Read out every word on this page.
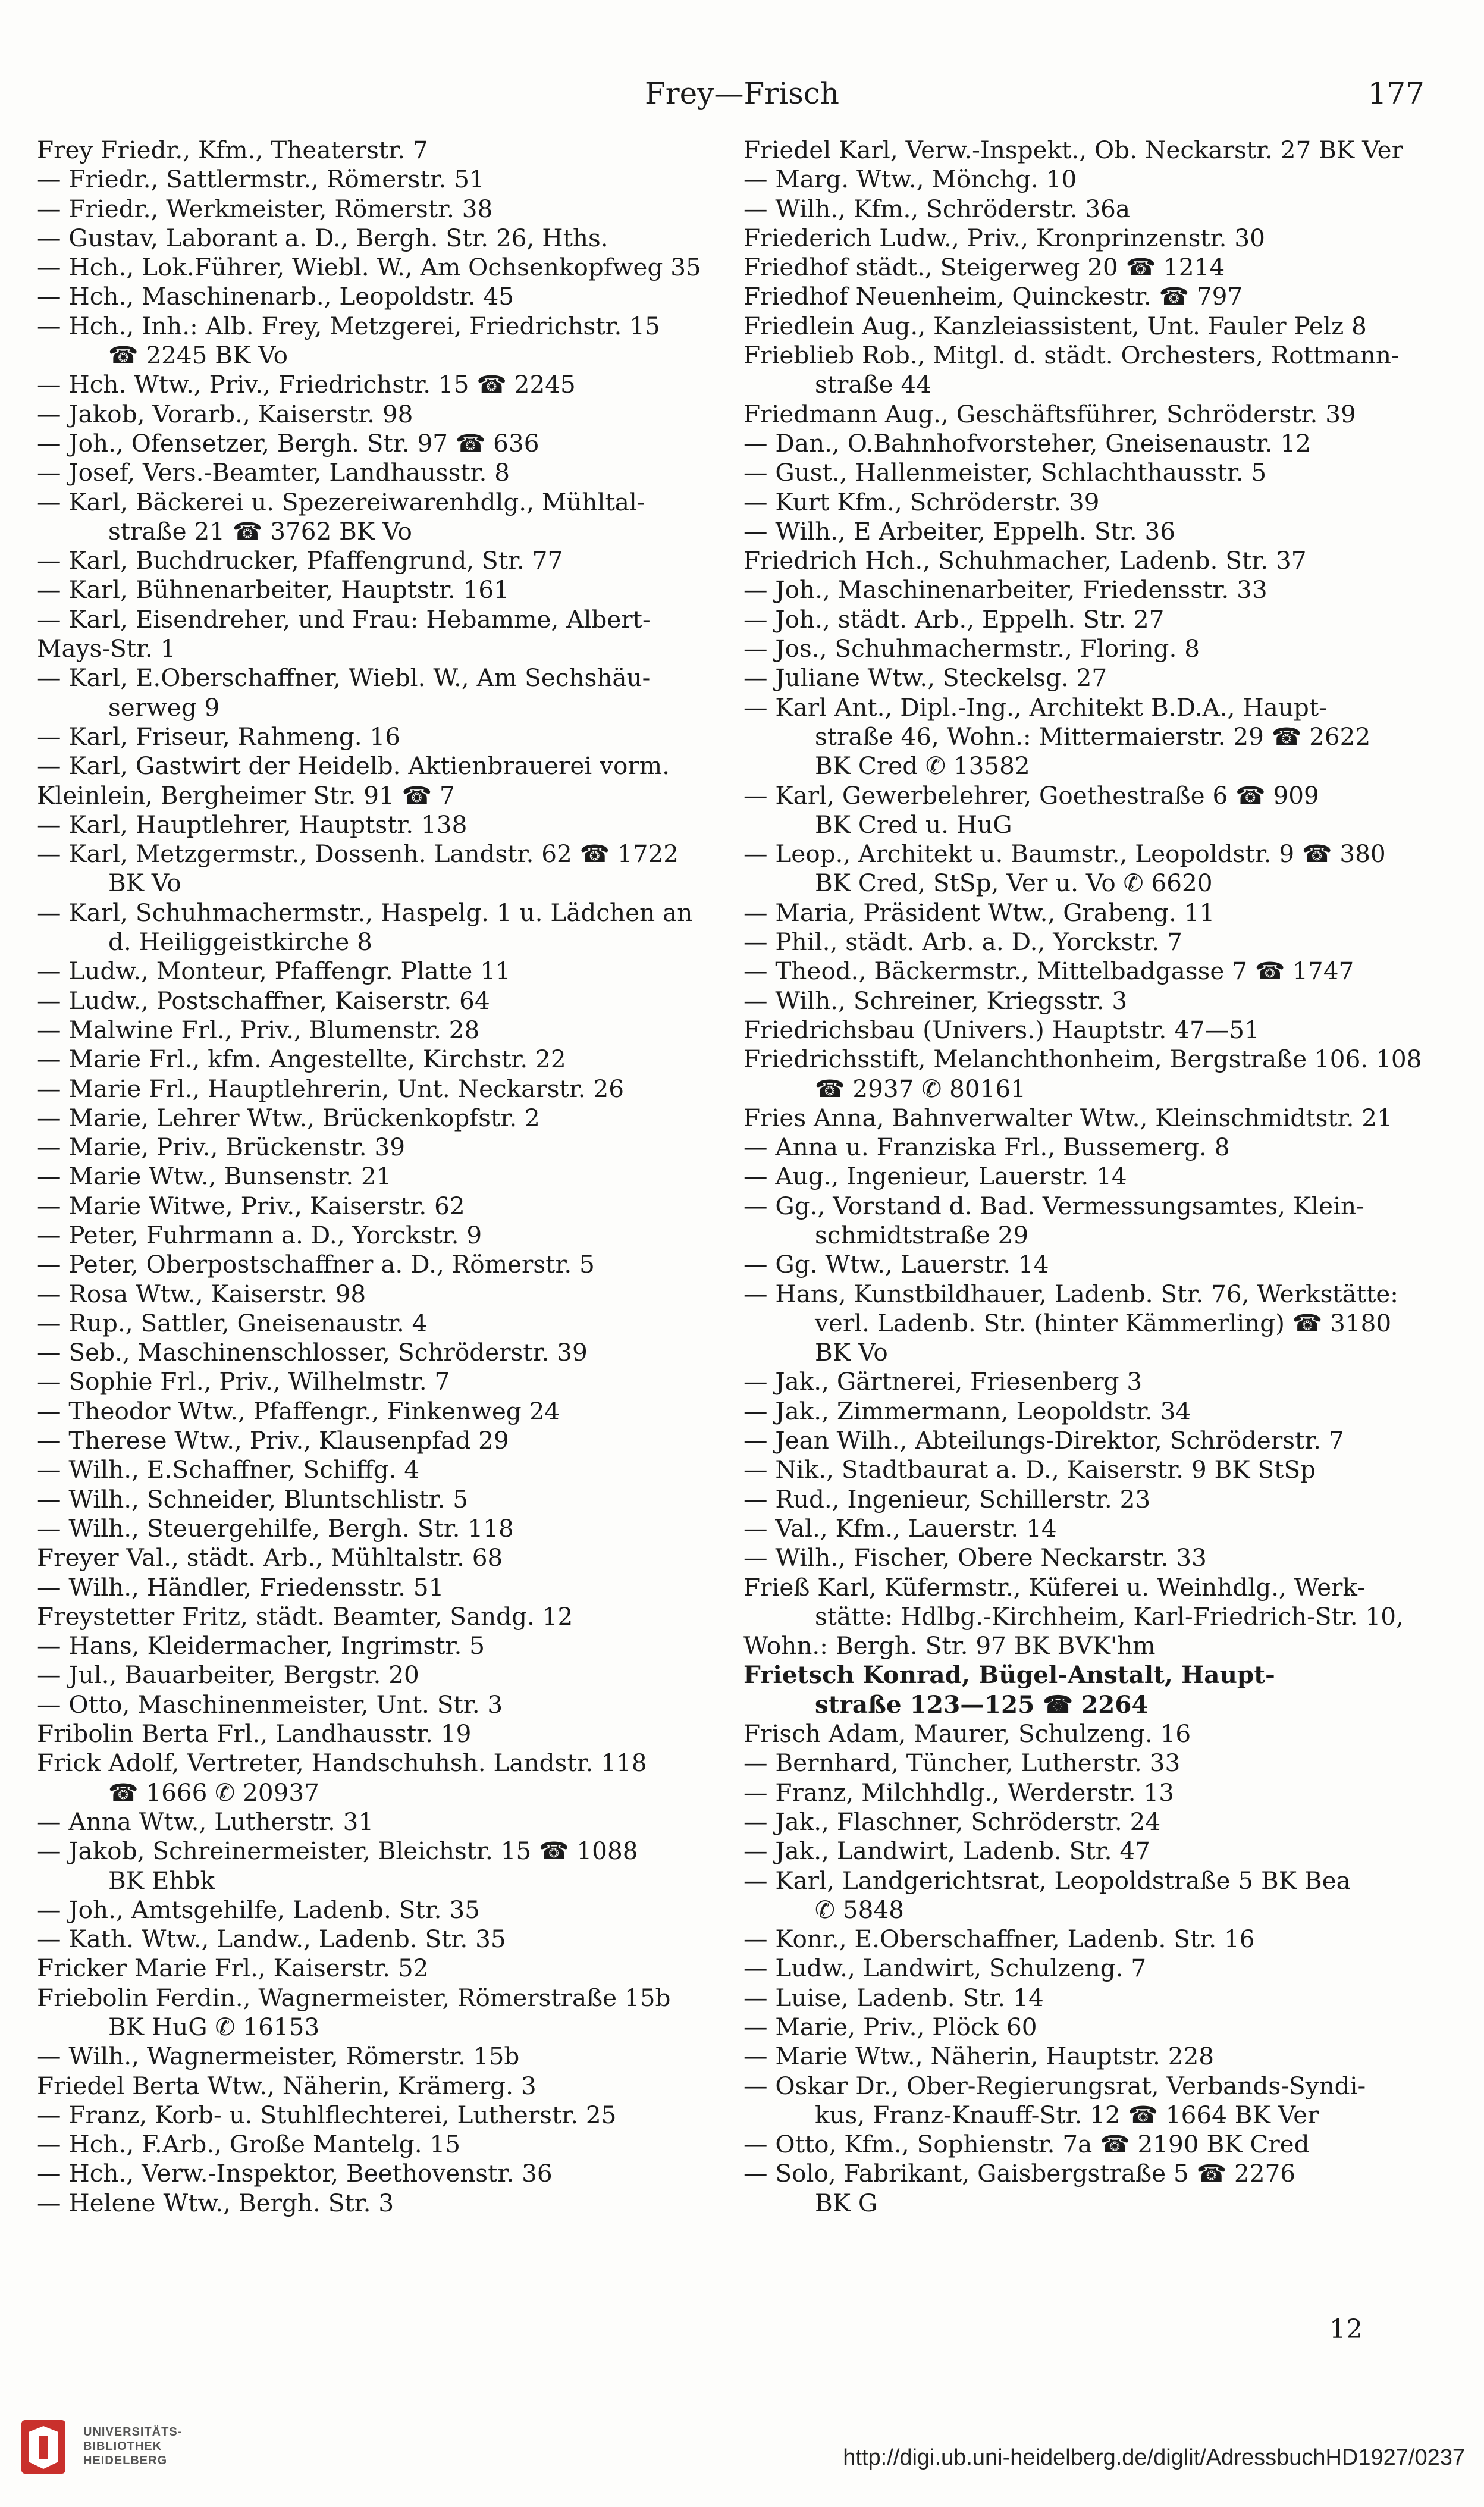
Frey—Frisch	177
Frey Friedr., Kfm., Theaterstr. 7
— Friedr., Sattlermstr., Römerstr. 51
— Friedr., Werkmeister, Römerstr. 38
— Gustav, Laborant a. D., Bergh. Str. 26, Hths.
— Hch., Lok.Führer, Wiebl. W., Am Ochsenkopfweg 35
— Hch., Maschinenarb., Leopoldstr. 45
— Hch., Inh.: Alb. Frey, Metzgerei, Friedrichstr. 15
☎ 2245 BK Vo
— Hch. Wtw., Priv., Friedrichstr. 15 ☎ 2245
— Jakob, Vorarb., Kaiserstr. 98
— Joh., Ofensetzer, Bergh. Str. 97 ☎ 636
— Josef, Vers.-Beamter, Landhausstr. 8
— Karl, Bäckerei u. Spezereiwarenhdlg., Mühltal-
straße 21 ☎ 3762 BK Vo
— Karl, Buchdrucker, Pfaffengrund, Str. 77
— Karl, Bühnenarbeiter, Hauptstr. 161
— Karl, Eisendreher, und Frau: Hebamme, Albert-
Mays-Str. 1
— Karl, E.Oberschaffner, Wiebl. W., Am Sechshäu-
serweg 9
— Karl, Friseur, Rahmeng. 16
— Karl, Gastwirt der Heidelb. Aktienbrauerei vorm.
Kleinlein, Bergheimer Str. 91 ☎ 7
— Karl, Hauptlehrer, Hauptstr. 138
— Karl, Metzgermstr., Dossenh. Landstr. 62 ☎ 1722
BK Vo
— Karl, Schuhmachermstr., Haspelg. 1 u. Lädchen an
d. Heiliggeistkirche 8
— Ludw., Monteur, Pfaffengr. Platte 11
— Ludw., Postschaffner, Kaiserstr. 64
— Malwine Frl., Priv., Blumenstr. 28
— Marie Frl., kfm. Angestellte, Kirchstr. 22
— Marie Frl., Hauptlehrerin, Unt. Neckarstr. 26
— Marie, Lehrer Wtw., Brückenkopfstr. 2
— Marie, Priv., Brückenstr. 39
— Marie Wtw., Bunsenstr. 21
— Marie Witwe, Priv., Kaiserstr. 62
— Peter, Fuhrmann a. D., Yorckstr. 9
— Peter, Oberpostschaffner a. D., Römerstr. 5
— Rosa Wtw., Kaiserstr. 98
— Rup., Sattler, Gneisenaustr. 4
— Seb., Maschinenschlosser, Schröderstr. 39
— Sophie Frl., Priv., Wilhelmstr. 7
— Theodor Wtw., Pfaffengr., Finkenweg 24
— Therese Wtw., Priv., Klausenpfad 29
— Wilh., E.Schaffner, Schiffg. 4
— Wilh., Schneider, Bluntschlistr. 5
— Wilh., Steuergehilfe, Bergh. Str. 118
Freyer Val., städt. Arb., Mühltalstr. 68
— Wilh., Händler, Friedensstr. 51
Freystetter Fritz, städt. Beamter, Sandg. 12
— Hans, Kleidermacher, Ingrimstr. 5
— Jul., Bauarbeiter, Bergstr. 20
— Otto, Maschinenmeister, Unt. Str. 3
Fribolin Berta Frl., Landhausstr. 19
Frick Adolf, Vertreter, Handschuhsh. Landstr. 118
☎ 1666 ✆ 20937
— Anna Wtw., Lutherstr. 31
— Jakob, Schreinermeister, Bleichstr. 15 ☎ 1088
BK Ehbk
— Joh., Amtsgehilfe, Ladenb. Str. 35
— Kath. Wtw., Landw., Ladenb. Str. 35
Fricker Marie Frl., Kaiserstr. 52
Friebolin Ferdin., Wagnermeister, Römerstraße 15b
BK HuG ✆ 16153
— Wilh., Wagnermeister, Römerstr. 15b
Friedel Berta Wtw., Näherin, Krämerg. 3
— Franz, Korb- u. Stuhlflechterei, Lutherstr. 25
— Hch., F.Arb., Große Mantelg. 15
— Hch., Verw.-Inspektor, Beethovenstr. 36
— Helene Wtw., Bergh. Str. 3
Friedel Karl, Verw.-Inspekt., Ob. Neckarstr. 27 BK Ver
— Marg. Wtw., Mönchg. 10
— Wilh., Kfm., Schröderstr. 36a
Friederich Ludw., Priv., Kronprinzenstr. 30
Friedhof städt., Steigerweg 20 ☎ 1214
Friedhof Neuenheim, Quinckestr. ☎ 797
Friedlein Aug., Kanzleiassistent, Unt. Fauler Pelz 8
Frieblieb Rob., Mitgl. d. städt. Orchesters, Rottmann-
straße 44
Friedmann Aug., Geschäftsführer, Schröderstr. 39
— Dan., O.Bahnhofvorsteher, Gneisenaustr. 12
— Gust., Hallenmeister, Schlachthausstr. 5
— Kurt Kfm., Schröderstr. 39
— Wilh., E Arbeiter, Eppelh. Str. 36
Friedrich Hch., Schuhmacher, Ladenb. Str. 37
— Joh., Maschinenarbeiter, Friedensstr. 33
— Joh., städt. Arb., Eppelh. Str. 27
— Jos., Schuhmachermstr., Floring. 8
— Juliane Wtw., Steckelsg. 27
— Karl Ant., Dipl.-Ing., Architekt B.D.A., Haupt-
straße 46, Wohn.: Mittermaierstr. 29 ☎ 2622
BK Cred ✆ 13582
— Karl, Gewerbelehrer, Goethestraße 6 ☎ 909
BK Cred u. HuG
— Leop., Architekt u. Baumstr., Leopoldstr. 9 ☎ 380
BK Cred, StSp, Ver u. Vo ✆ 6620
— Maria, Präsident Wtw., Grabeng. 11
— Phil., städt. Arb. a. D., Yorckstr. 7
— Theod., Bäckermstr., Mittelbadgasse 7 ☎ 1747
— Wilh., Schreiner, Kriegsstr. 3
Friedrichsbau (Univers.) Hauptstr. 47—51
Friedrichsstift, Melanchthonheim, Bergstraße 106. 108
☎ 2937 ✆ 80161
Fries Anna, Bahnverwalter Wtw., Kleinschmidtstr. 21
— Anna u. Franziska Frl., Bussemerg. 8
— Aug., Ingenieur, Lauerstr. 14
— Gg., Vorstand d. Bad. Vermessungsamtes, Klein-
schmidtstraße 29
— Gg. Wtw., Lauerstr. 14
— Hans, Kunstbildhauer, Ladenb. Str. 76, Werkstätte:
verl. Ladenb. Str. (hinter Kämmerling) ☎ 3180
BK Vo
— Jak., Gärtnerei, Friesenberg 3
— Jak., Zimmermann, Leopoldstr. 34
— Jean Wilh., Abteilungs-Direktor, Schröderstr. 7
— Nik., Stadtbaurat a. D., Kaiserstr. 9 BK StSp
— Rud., Ingenieur, Schillerstr. 23
— Val., Kfm., Lauerstr. 14
— Wilh., Fischer, Obere Neckarstr. 33
Frieß Karl, Küfermstr., Küferei u. Weinhdlg., Werk-
stätte: Hdlbg.-Kirchheim, Karl-Friedrich-Str. 10,
Wohn.: Bergh. Str. 97 BK BVK'hm
Frietsch Konrad, Bügel-Anstalt, Haupt-
straße 123—125 ☎ 2264
Frisch Adam, Maurer, Schulzeng. 16
— Bernhard, Tüncher, Lutherstr. 33
— Franz, Milchhdlg., Werderstr. 13
— Jak., Flaschner, Schröderstr. 24
— Jak., Landwirt, Ladenb. Str. 47
— Karl, Landgerichtsrat, Leopoldstraße 5 BK Bea
✆ 5848
— Konr., E.Oberschaffner, Ladenb. Str. 16
— Ludw., Landwirt, Schulzeng. 7
— Luise, Ladenb. Str. 14
— Marie, Priv., Plöck 60
— Marie Wtw., Näherin, Hauptstr. 228
— Oskar Dr., Ober-Regierungsrat, Verbands-Syndi-
kus, Franz-Knauff-Str. 12 ☎ 1664 BK Ver
— Otto, Kfm., Sophienstr. 7a ☎ 2190 BK Cred
— Solo, Fabrikant, Gaisbergstraße 5 ☎ 2276
BK G
12
UNIVERSITÄTS-
BIBLIOTHEK
HEIDELBERG	http://digi.ub.uni-heidelberg.de/diglit/AdressbuchHD1927/0237
